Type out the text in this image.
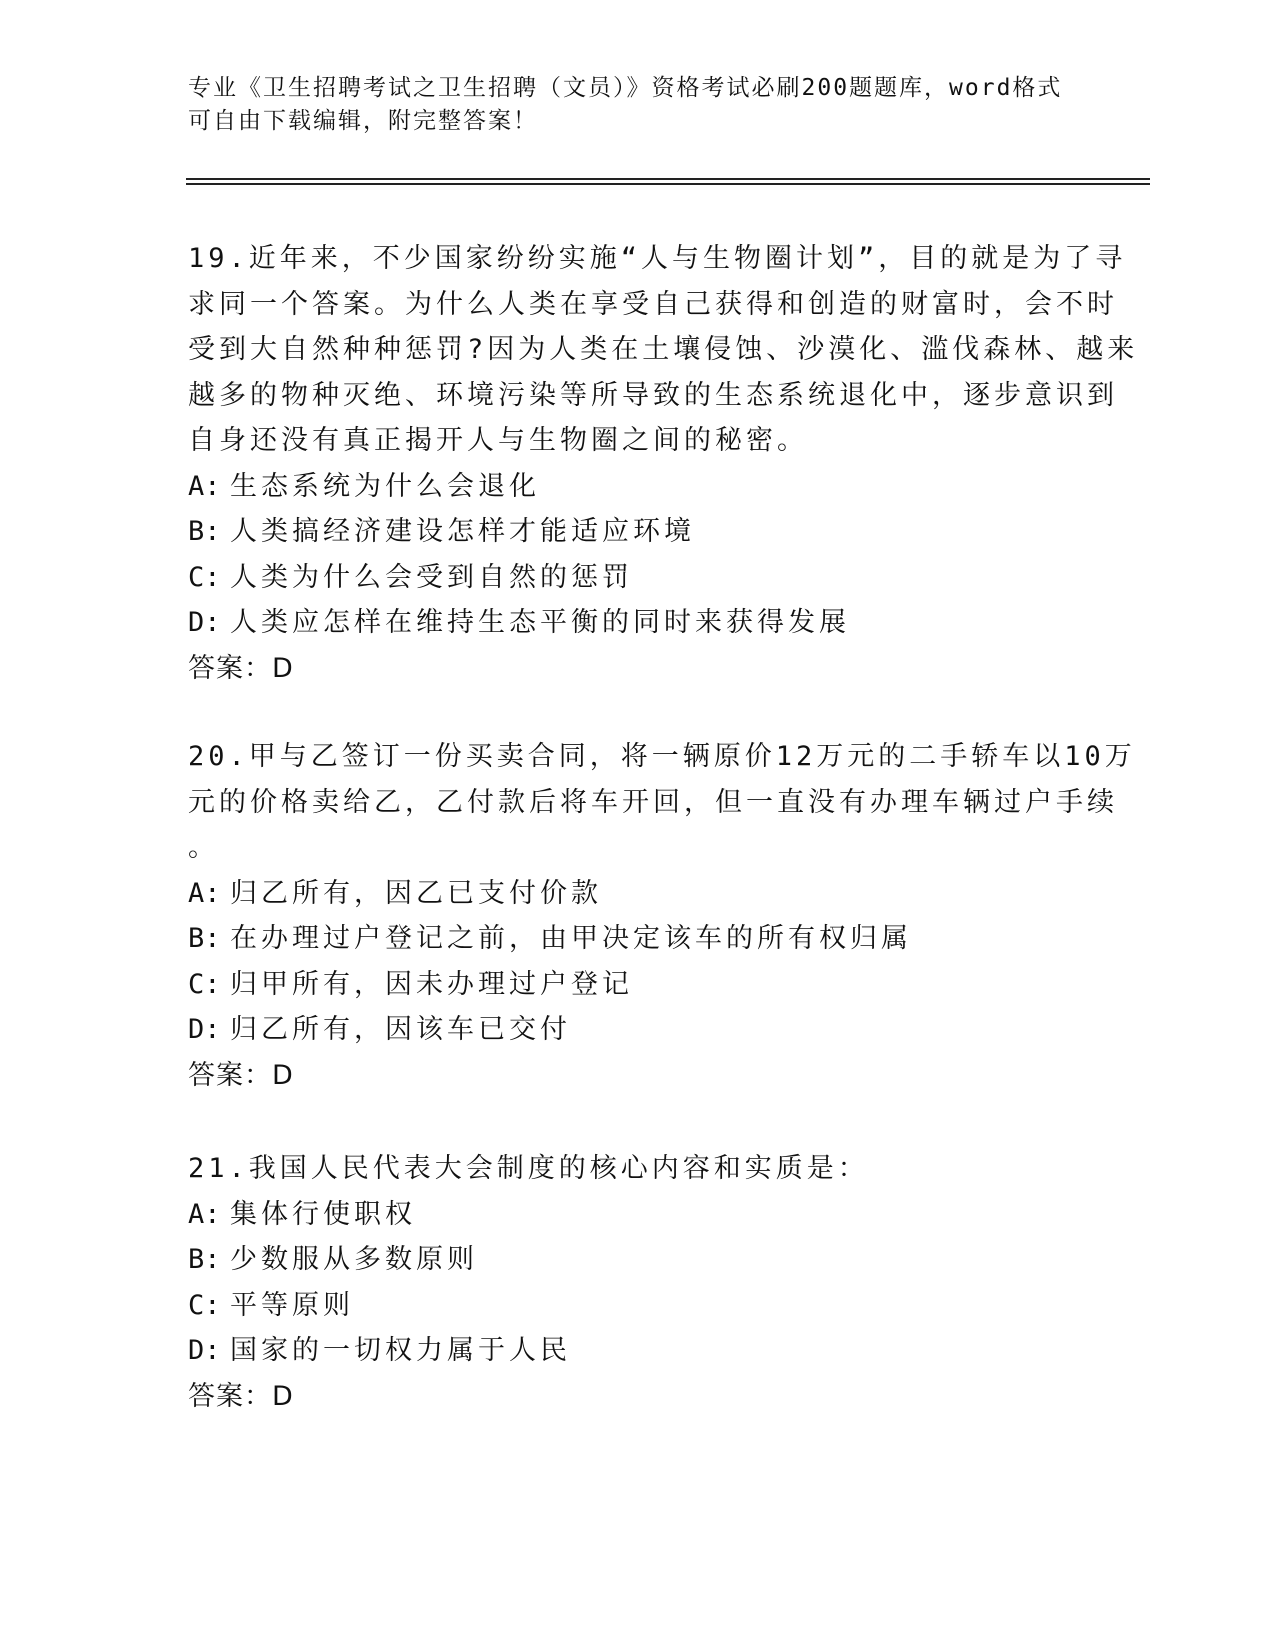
专业《卫生招聘考试之卫生招聘（文员）》资格考试必刷200题题库，word格式
可自由下载编辑，附完整答案！
19.近年来，不少国家纷纷实施“人与生物圈计划”，目的就是为了寻
求同一个答案。为什么人类在享受自己获得和创造的财富时，会不时
受到大自然种种惩罚?因为人类在土壤侵蚀、沙漠化、滥伐森林、越来
越多的物种灭绝、环境污染等所导致的生态系统退化中，逐步意识到
自身还没有真正揭开人与生物圈之间的秘密。
A: 生态系统为什么会退化
B: 人类搞经济建设怎样才能适应环境
C: 人类为什么会受到自然的惩罚
D: 人类应怎样在维持生态平衡的同时来获得发展
答案：D
20.甲与乙签订一份买卖合同，将一辆原价12万元的二手轿车以10万
元的价格卖给乙，乙付款后将车开回，但一直没有办理车辆过户手续
。
A: 归乙所有，因乙已支付价款
B: 在办理过户登记之前，由甲决定该车的所有权归属
C: 归甲所有，因未办理过户登记
D: 归乙所有，因该车已交付
答案：D
21.我国人民代表大会制度的核心内容和实质是：
A: 集体行使职权
B: 少数服从多数原则
C: 平等原则
D: 国家的一切权力属于人民
答案：D
